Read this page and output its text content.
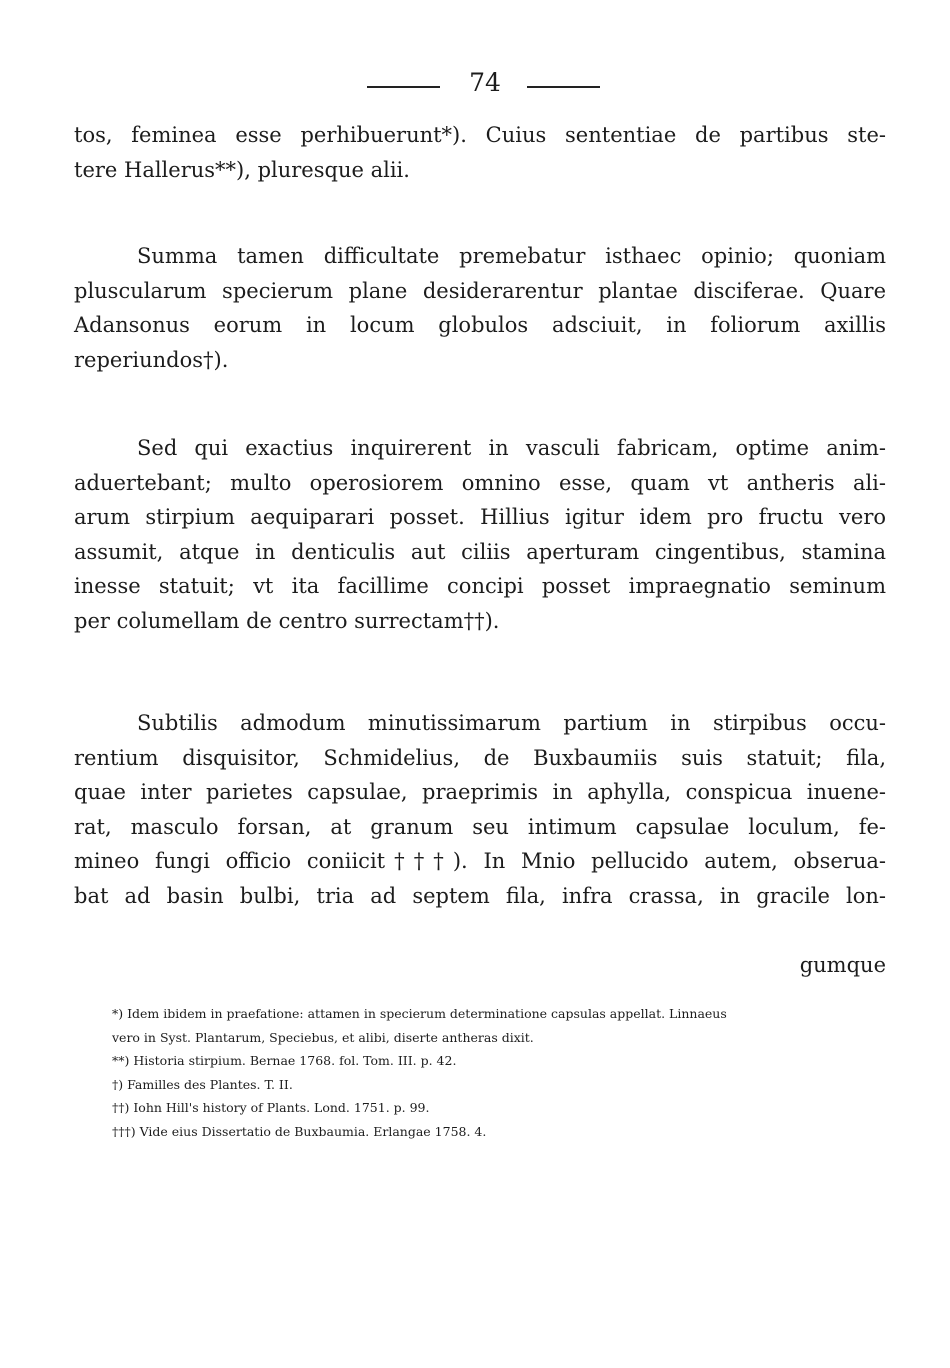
74
tos, feminea esse perhibuerunt*). Cuius sententiae de partibus ste-
tere Hallerus**), pluresque alii.
Summa tamen difficultate premebatur isthaec opinio; quoniam
pluscularum specierum plane desiderarentur plantae disciferae. Quare
Adansonus eorum in locum globulos adsciuit, in foliorum axillis
reperiundos†).
Sed qui exactius inquirerent in vasculi fabricam, optime anim-
aduertebant; multo operosiorem omnino esse, quam vt antheris ali-
arum stirpium aequiparari posset. Hillius igitur idem pro fructu vero
assumit, atque in denticulis aut ciliis aperturam cingentibus, stamina
inesse statuit; vt ita facillime concipi posset impraegnatio seminum
per columellam de centro surrectam††).
Subtilis admodum minutissimarum partium in stirpibus occu-
rentium disquisitor, Schmidelius, de Buxbaumiis suis statuit; fila,
quae inter parietes capsulae, praeprimis in aphylla, conspicua inuene-
rat, masculo forsan, at granum seu intimum capsulae loculum, fe-
mineo fungi officio coniicit†††). In Mnio pellucido autem, obserua-
bat ad basin bulbi, tria ad septem fila, infra crassa, in gracile lon-
gumque
*) Idem ibidem in praefatione: attamen in specierum determinatione capsulas appellat. Linnaeus
vero in Syst. Plantarum, Speciebus, et alibi, diserte antheras dixit.
**) Historia stirpium. Bernae 1768. fol. Tom. III. p. 42.
†) Familles des Plantes. T. II.
††) Iohn Hill's history of Plants. Lond. 1751. p. 99.
†††) Vide eius Dissertatio de Buxbaumia. Erlangae 1758. 4.
